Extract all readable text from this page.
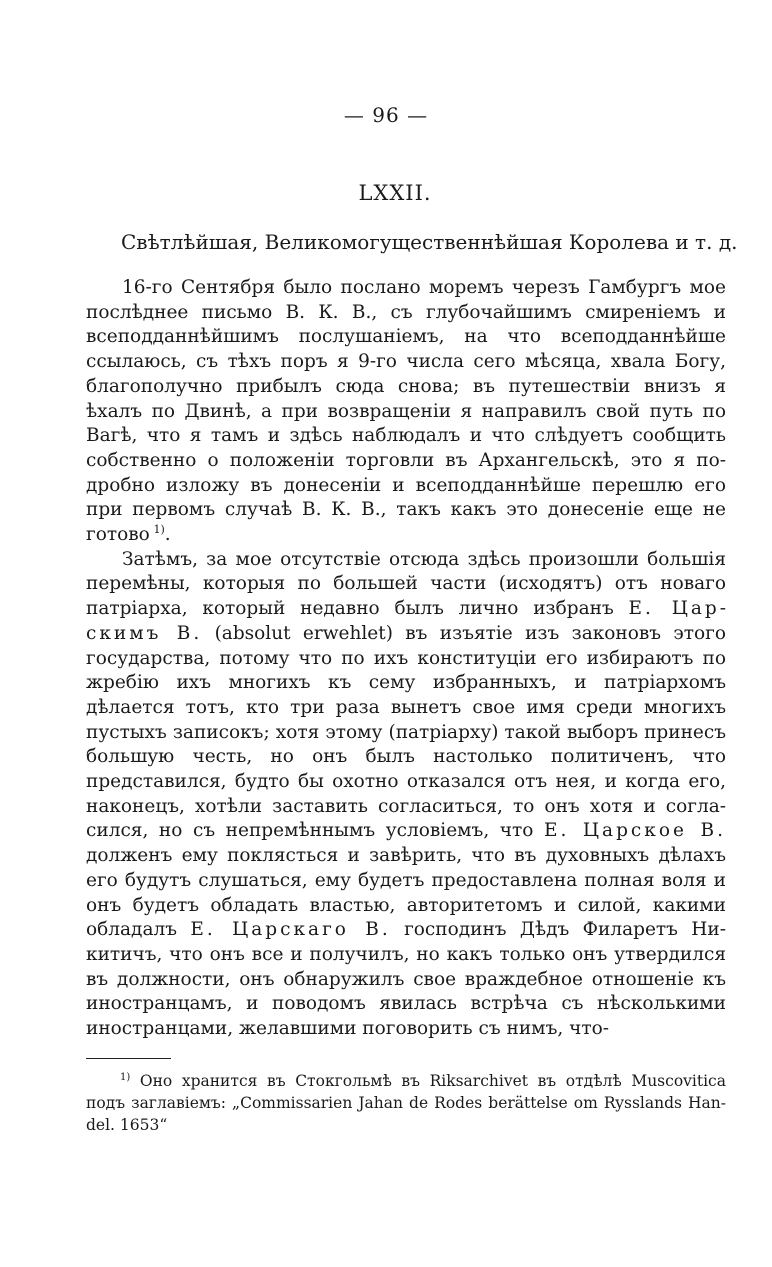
— 96 —
LXXII.
Свѣтлѣйшая, Великомогущественнѣйшая Королева и т. д.

16-го Сентября было послано моремъ черезъ Гамбургъ мое послѣднее письмо В. К. В., съ глубочайшимъ смиреніемъ и всеподданнѣйшимъ послушаніемъ, на что всеподданнѣйше ссылаюсь, съ тѣхъ поръ я 9-го числа сего мѣсяца, хвала Богу, благополучно прибылъ сюда снова; въ путешествіи внизъ я ѣхалъ по Двинѣ, а при возвращеніи я направилъ свой путь по Вагѣ, что я тамъ и здѣсь наблюдалъ и что слѣдуетъ сообщить собственно о положеніи торговли въ Архангельскѣ, это я подробно изложу въ донесеніи и всеподданнѣйше перешлю его при первомъ случаѣ В. К. В., такъ какъ это донесеніе еще не готово  $^{1)}$.

Затѣмъ, за мое отсутствіе отсюда здѣсь произошли большія перемѣны, которыя по большей части (исходятъ) отъ новаго патріарха, который недавно былъ лично избранъ Е. Царскимъ В. (absolut erwehlet) въ изъятіе изъ законовъ этого государства, потому что по ихъ конституціи его избираютъ по жребію ихъ многихъ къ сему избранныхъ, и патріархомъ дѣлается тотъ, кто три раза вынетъ свое имя среди многихъ пустыхъ записокъ; хотя этому (патріарху) такой выборъ принесъ большую честь, но онъ былъ настолько политиченъ, что представился, будто бы охотно отказался отъ нея, и когда его, наконецъ, хотѣли заставить согласиться, то онъ хотя и согласился, но съ непремѣннымъ условіемъ, что Е. Царское В. долженъ ему поклясться и завѣрить, что въ духовныхъ дѣлахъ его будутъ слушаться, ему будетъ предоставлена полная воля и онъ будетъ обладать властью, авторитетомъ и силой, какими обладалъ Е. Царскаго В. господинъ Дѣдъ Филаретъ Никитичъ, что онъ все и получилъ, но какъ только онъ утвердился въ должности, онъ обнаружилъ свое враждебное отношеніе къ иностранцамъ, и поводомъ явилась встрѣча съ нѣсколькими иностранцами, желавшими поговорить съ нимъ, что-

$^{1)}$ Оно хранится въ Стокгольмѣ въ Riksarchivet въ отдѣлѣ Muscovitica подъ заглавіемъ: „Commissarien Jahan de Rodes berättelse om Rysslands Handel. 1653“
